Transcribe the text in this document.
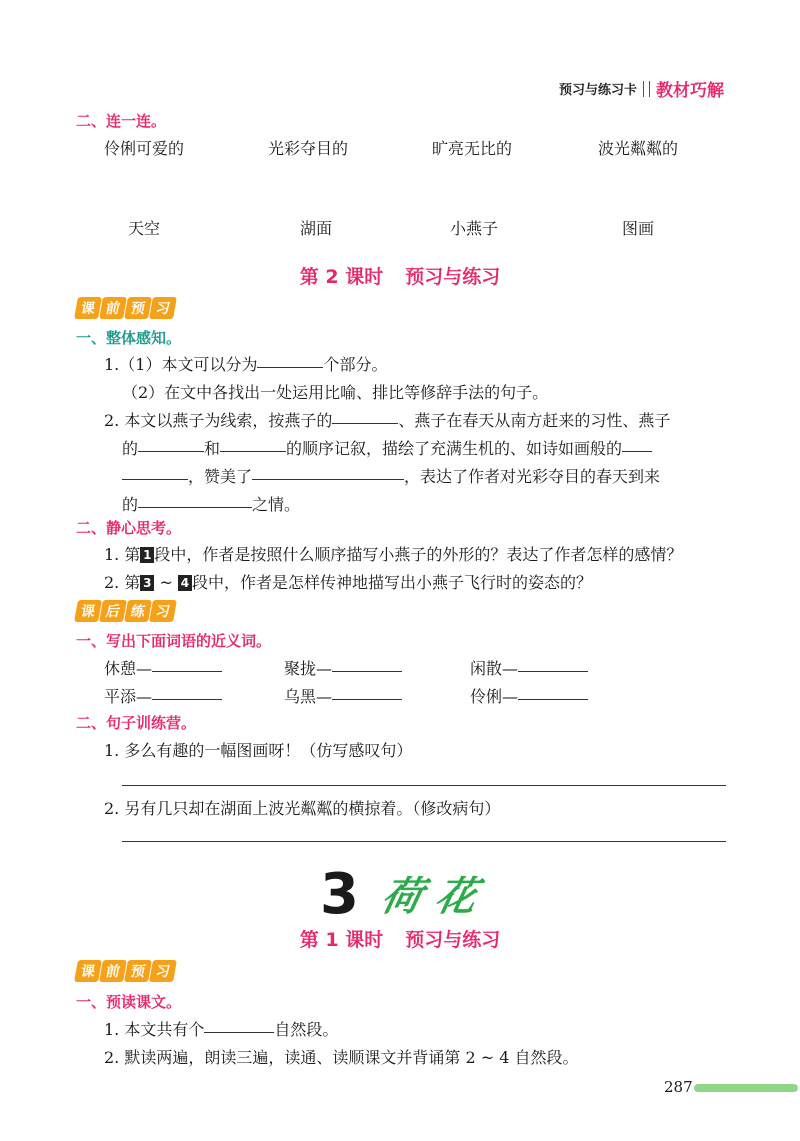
预习与练习卡 教材巧解
二、连一连。
伶俐可爱的	光彩夺目的	旷亮无比的	波光粼粼的
天空	湖面	小燕子	图画
第 2 课时 预习与练习
课 前 预 习
一、整体感知。
1.（1）本文可以分为	个部分。
（2）在文中各找出一处运用比喻、排比等修辞手法的句子。
2. 本文以燕子为线索，按燕子的	、燕子在春天从南方赶来的习性、燕子
的	和	的顺序记叙，描绘了充满生机的、如诗如画般的
，赞美了	，表达了作者对光彩夺目的春天到来
的	之情。
二、静心思考。
1. 第 1 段中，作者是按照什么顺序描写小燕子的外形的？表达了作者怎样的感情？
2. 第 3 ~ 4 段中，作者是怎样传神地描写出小燕子飞行时的姿态的？
课 后 练 习
一、写出下面词语的近义词。
休憩—	聚拢—	闲散—
平添—	乌黑—	伶俐—
二、句子训练营。
1. 多么有趣的一幅图画呀！（仿写感叹句）
2. 另有几只却在湖面上波光粼粼的横掠着。（修改病句）
3 荷花
第 1 课时 预习与练习
课 前 预 习
一、预读课文。
1. 本文共有个	自然段。
2. 默读两遍，朗读三遍，读通、读顺课文并背诵第 2 ~ 4 自然段。
287
